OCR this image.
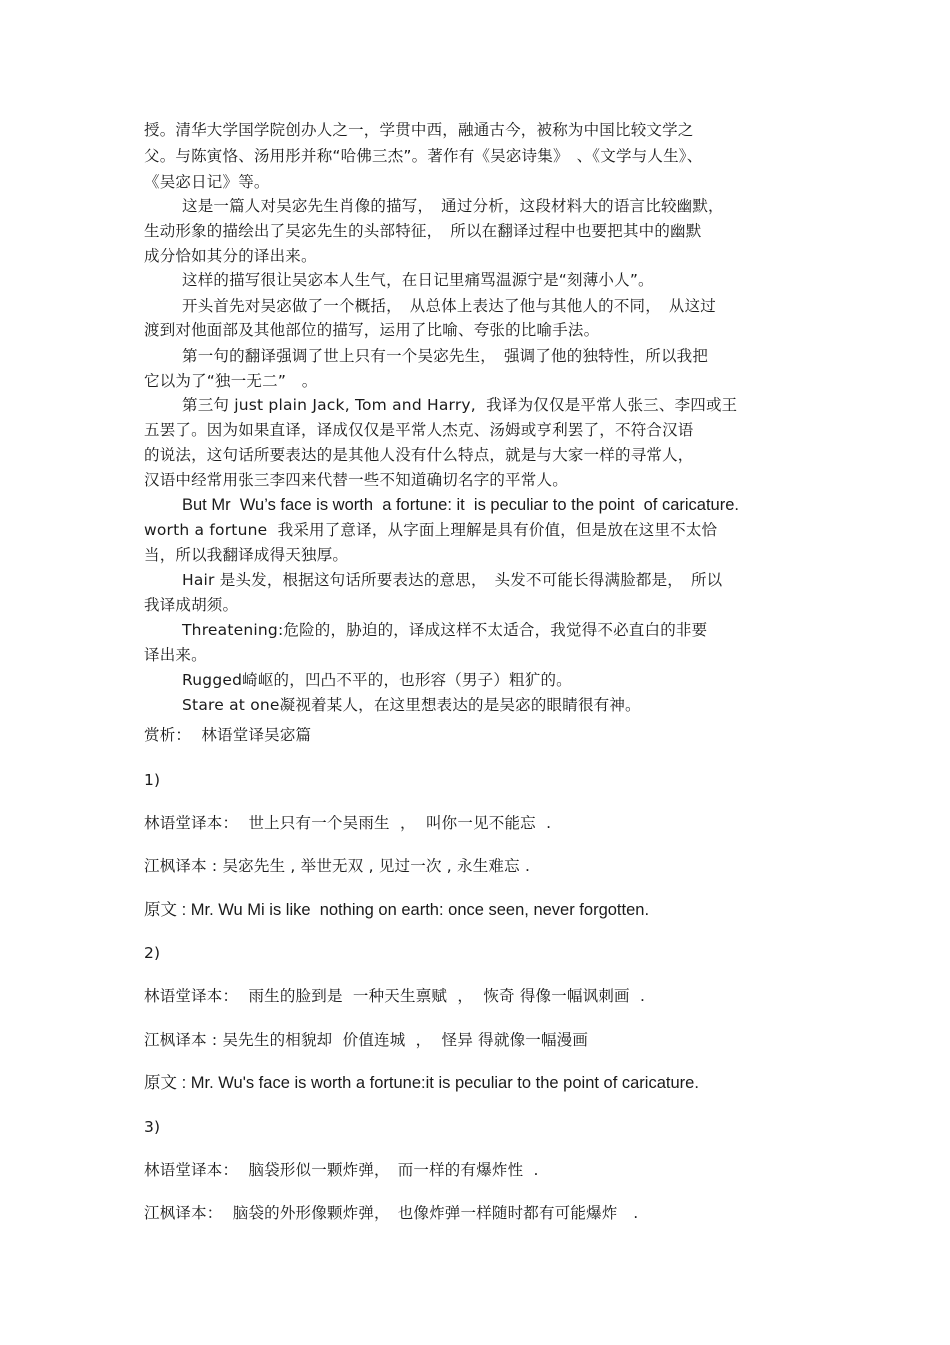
授。清华大学国学院创办人之一，学贯中西，融通古今，被称为中国比较文学之

父。与陈寅恪、汤用彤并称“哈佛三杰”。著作有《吴宓诗集》　、《文学与人生》、

《吴宓日记》等。

这是一篇人对吴宓先生肖像的描写，　通过分析，这段材料大的语言比较幽默，

生动形象的描绘出了吴宓先生的头部特征，　所以在翻译过程中也要把其中的幽默

成分恰如其分的译出来。

这样的描写很让吴宓本人生气，在日记里痛骂温源宁是“刻薄小人”。

开头首先对吴宓做了一个概括，　从总体上表达了他与其他人的不同，　从这过

渡到对他面部及其他部位的描写，运用了比喻、夸张的比喻手法。

第一句的翻译强调了世上只有一个吴宓先生，　强调了他的独特性，所以我把

它以为了“独一无二”　。

第三句 just plain Jack, Tom and Harry,  我译为仅仅是平常人张三、李四或王

五罢了。因为如果直译，译成仅仅是平常人杰克、汤姆或亨利罢了，不符合汉语

的说法，这句话所要表达的是其他人没有什么特点，就是与大家一样的寻常人，

汉语中经常用张三李四来代替一些不知道确切名字的平常人。

But Mr  Wu’s face is worth  a fortune: it  is peculiar to the point  of caricature.

worth a fortune  我采用了意译，从字面上理解是具有价值，但是放在这里不太恰

当，所以我翻译成得天独厚。

Hair 是头发，根据这句话所要表达的意思，　头发不可能长得满脸都是，　所以

我译成胡须。

Threatening:危险的，胁迫的，译成这样不太适合，我觉得不必直白的非要

译出来。

Rugged崎岖的，凹凸不平的，也形容（男子）粗犷的。

Stare at one凝视着某人，在这里想表达的是吴宓的眼睛很有神。

赏析：  林语堂译吴宓篇

1)

林语堂译本：  世上只有一个吴雨生  ，  叫你一见不能忘  .

江枫译本 : 吴宓先生 , 举世无双 , 见过一次 , 永生难忘 .

原文 : Mr. Wu Mi is like  nothing on earth: once seen, never forgotten.

2)

林语堂译本：  雨生的脸到是  一种天生禀赋  ，  恢奇 得像一幅讽刺画  .

江枫译本 : 吴先生的相貌却  价值连城  ，  怪异 得就像一幅漫画

原文 : Mr. Wu's face is worth a fortune:it is peculiar to the point of caricature.

3)

林语堂译本：  脑袋形似一颗炸弹，　而一样的有爆炸性  .

江枫译本：  脑袋的外形像颗炸弹，　也像炸弹一样随时都有可能爆炸　.
